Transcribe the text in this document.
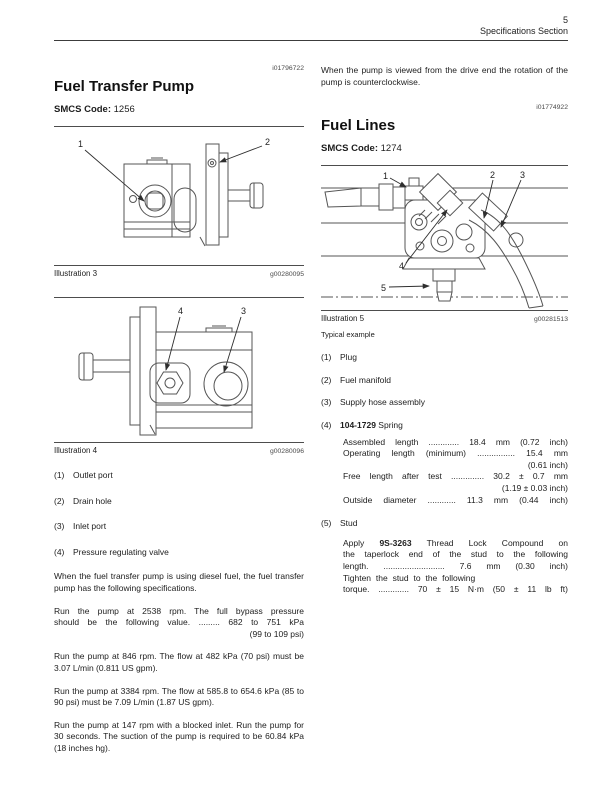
5
Specifications Section
i01796722
Fuel Transfer Pump
SMCS Code: 1256
1	2
Illustration 3	g00280095
4	3
Illustration 4	g00280096
(1)	Outlet port
(2)	Drain hole
(3)	Inlet port
(4)	Pressure regulating valve

When the fuel transfer pump is using diesel fuel, the fuel transfer pump has the following specifications.

Run the pump at 2538 rpm. The full bypass pressure
should be the following value. ......... 682 to 751 kPa
(99 to 109 psi)

Run the pump at 846 rpm. The flow at 482 kPa (70 psi) must be 3.07 L/min (0.811 US gpm).

Run the pump at 3384 rpm. The flow at 585.8 to 654.6 kPa (85 to 90 psi) must be 7.09 L/min (1.87 US gpm).

Run the pump at 147 rpm with a blocked inlet. Run the pump for 30 seconds. The suction of the pump is required to be 60.84 kPa (18 inches hg).

When the pump is viewed from the drive end the rotation of the pump is counterclockwise.

i01774922
Fuel Lines
SMCS Code: 1274
1	2	3
4
5
Illustration 5	g00281513
Typical example
(1)	Plug
(2)	Fuel manifold
(3)	Supply hose assembly
(4)	104-1729 Spring
Assembled length ............. 18.4 mm (0.72 inch)
Operating length (minimum) ................ 15.4 mm
(0.61 inch)
Free length after test .............. 30.2 ± 0.7 mm
(1.19 ± 0.03 inch)
Outside diameter ............ 11.3 mm (0.44 inch)
(5)	Stud
Apply 9S-3263 Thread Lock Compound on
the taperlock end of the stud to the following
length. .......................... 7.6 mm (0.30 inch)
Tighten the stud to the following
torque. ............. 70 ± 15 N·m (50 ± 11 lb ft)
